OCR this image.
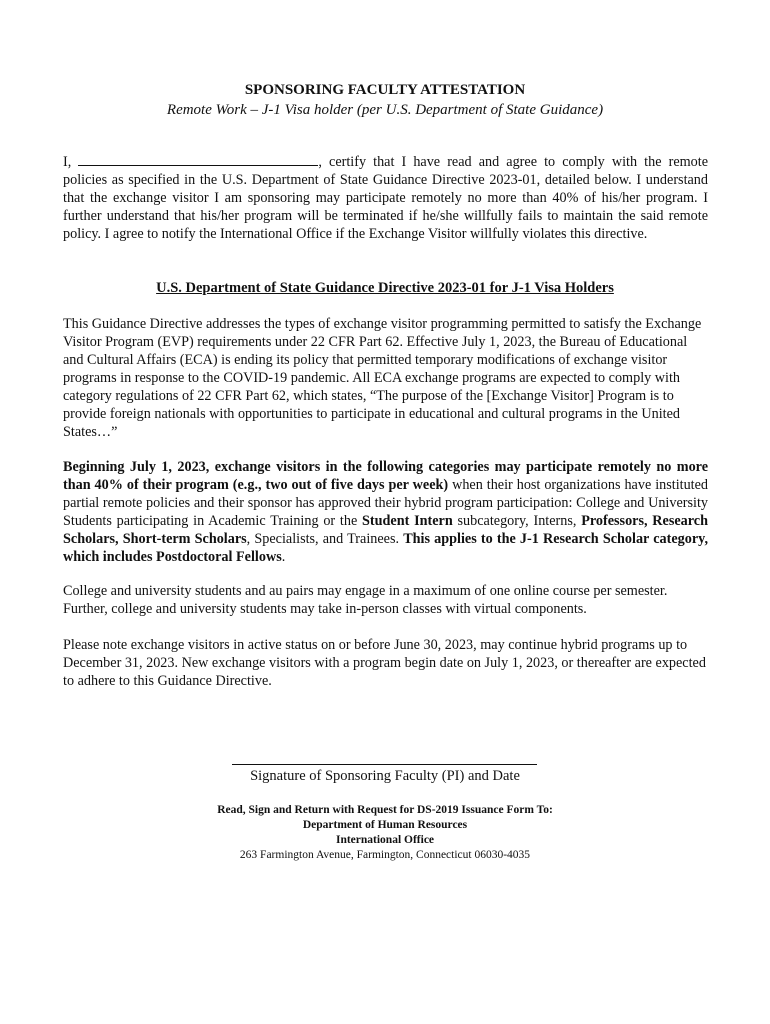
SPONSORING FACULTY ATTESTATION

Remote Work – J-1 Visa holder (per U.S. Department of State Guidance)

I,	, certify that I have read and agree to comply with the remote policies as specified in the U.S. Department of State Guidance Directive 2023-01, detailed below. I understand that the exchange visitor I am sponsoring may participate remotely no more than 40% of his/her program. I further understand that his/her program will be terminated if he/she willfully fails to maintain the said remote policy. I agree to notify the International Office if the Exchange Visitor willfully violates this directive.
U.S. Department of State Guidance Directive 2023-01 for J-1 Visa Holders
This Guidance Directive addresses the types of exchange visitor programming permitted to satisfy the Exchange Visitor Program (EVP) requirements under 22 CFR Part 62. Effective July 1, 2023, the Bureau of Educational and Cultural Affairs (ECA) is ending its policy that permitted temporary modifications of exchange visitor programs in response to the COVID-19 pandemic. All ECA exchange programs are expected to comply with category regulations of 22 CFR Part 62, which states, “The purpose of the [Exchange Visitor] Program is to provide foreign nationals with opportunities to participate in educational and cultural programs in the United States…”
Beginning July 1, 2023, exchange visitors in the following categories may participate remotely no more than 40% of their program (e.g., two out of five days per week) when their host organizations have instituted partial remote policies and their sponsor has approved their hybrid program participation: College and University Students participating in Academic Training or the Student Intern subcategory, Interns, Professors, Research Scholars, Short-term Scholars, Specialists, and Trainees. This applies to the J-1 Research Scholar category, which includes Postdoctoral Fellows.
College and university students and au pairs may engage in a maximum of one online course per semester. Further, college and university students may take in-person classes with virtual components.
Please note exchange visitors in active status on or before June 30, 2023, may continue hybrid programs up to December 31, 2023. New exchange visitors with a program begin date on July 1, 2023, or thereafter are expected to adhere to this Guidance Directive.
Signature of Sponsoring Faculty (PI) and Date
Read, Sign and Return with Request for DS-2019 Issuance Form To:
Department of Human Resources
International Office
263 Farmington Avenue, Farmington, Connecticut 06030-4035
